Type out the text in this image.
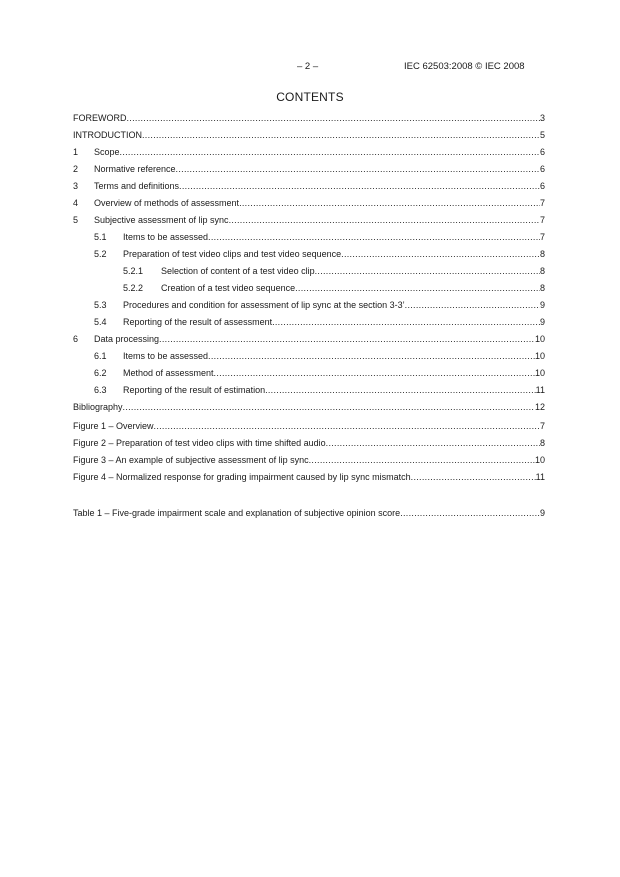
– 2 –	IEC 62503:2008 © IEC 2008
CONTENTS
FOREWORD .....	3
INTRODUCTION .....	5
1 Scope .....	6
2 Normative reference .....	6
3 Terms and definitions .....	6
4 Overview of methods of assessment .....	7
5 Subjective assessment of lip sync .....	7
5.1 Items to be assessed .....	7
5.2 Preparation of test video clips and test video sequence .....	8
5.2.1 Selection of content of a test video clip .....	8
5.2.2 Creation of a test video sequence .....	8
5.3 Procedures and condition for assessment of lip sync at the section 3-3’ .....	9
5.4 Reporting of the result of assessment .....	9
6 Data processing .....	10
6.1 Items to be assessed .....	10
6.2 Method of assessment .....	10
6.3 Reporting of the result of estimation .....	11
Bibliography .....	12
Figure 1 – Overview .....	7
Figure 2 – Preparation of test video clips with time shifted audio .....	8
Figure 3 – An example of subjective assessment of lip sync .....	10
Figure 4 – Normalized response for grading impairment caused by lip sync mismatch .....	11
Table 1 – Five-grade impairment scale and explanation of subjective opinion score .....	9
